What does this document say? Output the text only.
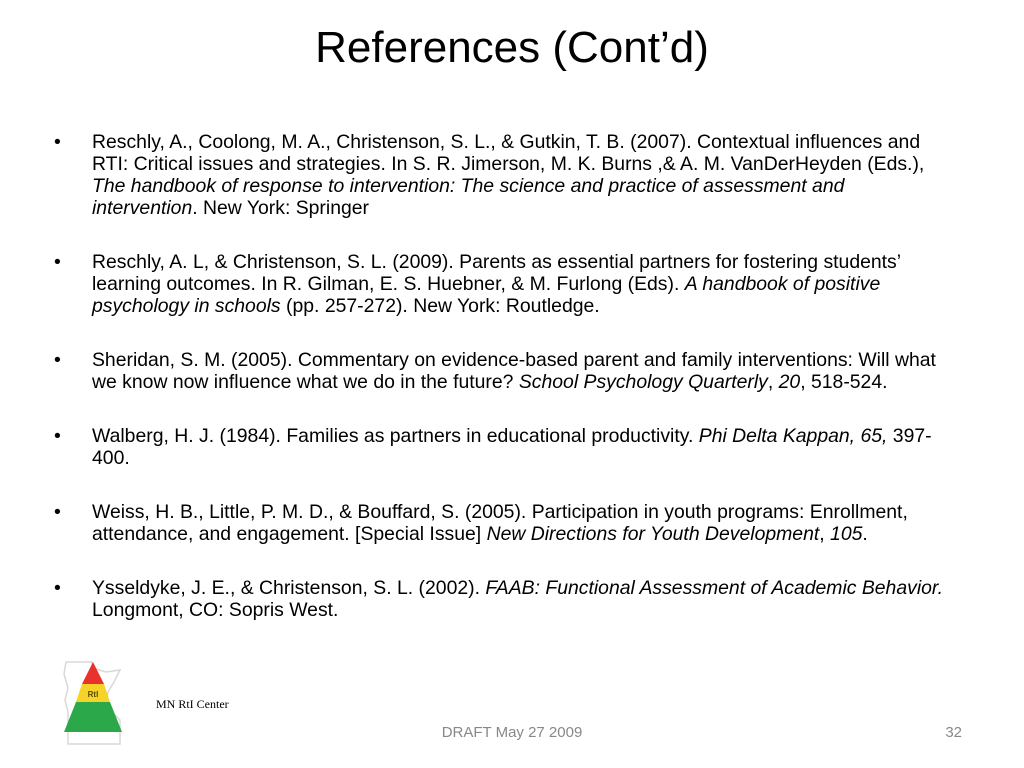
References (Cont’d)
• Reschly, A., Coolong, M. A., Christenson, S. L., & Gutkin, T. B. (2007). Contextual influences and RTI: Critical issues and strategies. In S. R. Jimerson, M. K. Burns ,& A. M. VanDerHeyden (Eds.), The handbook of response to intervention: The science and practice of assessment and intervention. New York: Springer
• Reschly, A. L, & Christenson, S. L. (2009). Parents as essential partners for fostering students’ learning outcomes. In R. Gilman, E. S. Huebner, & M. Furlong (Eds). A handbook of positive psychology in schools (pp. 257-272). New York: Routledge.
• Sheridan, S. M. (2005). Commentary on evidence-based parent and family interventions: Will what we know now influence what we do in the future? School Psychology Quarterly, 20, 518-524.
• Walberg, H. J. (1984). Families as partners in educational productivity. Phi Delta Kappan, 65, 397-400.
• Weiss, H. B., Little, P. M. D., & Bouffard, S. (2005). Participation in youth programs: Enrollment, attendance, and engagement. [Special Issue] New Directions for Youth Development, 105.
• Ysseldyke, J. E., & Christenson, S. L. (2002). FAAB: Functional Assessment of Academic Behavior. Longmont, CO: Sopris West.
RtI
MN RtI Center
DRAFT May 27 2009	32
